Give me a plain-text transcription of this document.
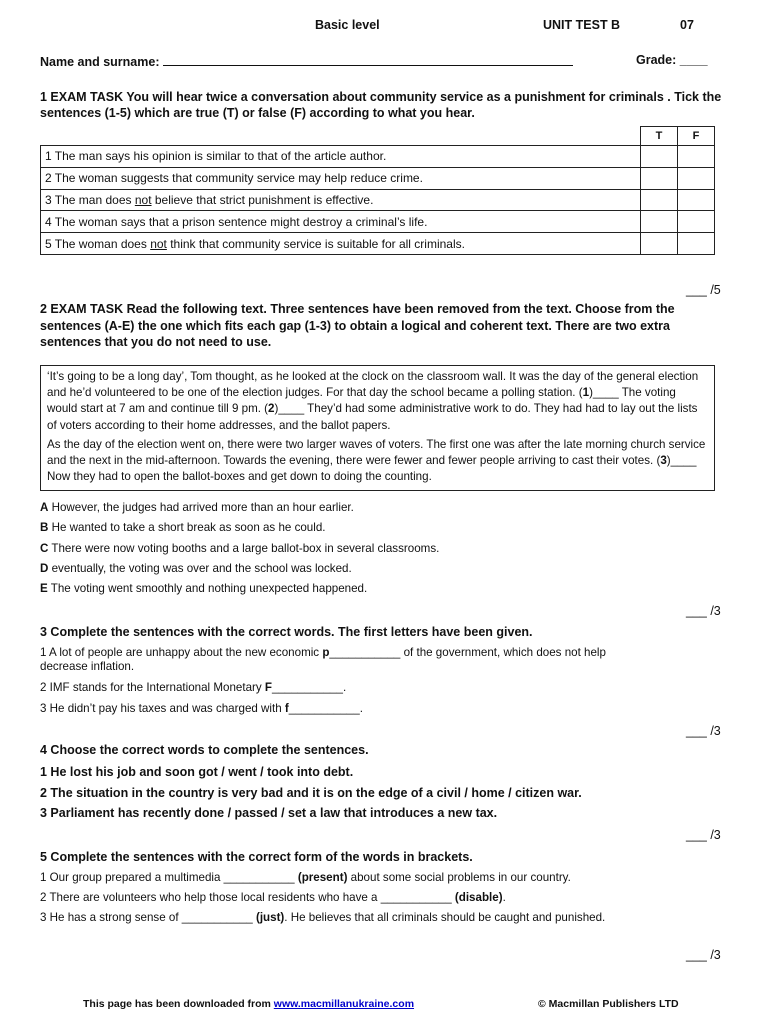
Basic level	UNIT TEST B	07
Name and surname:	Grade: ____
1 EXAM TASK You will hear twice a conversation about community service as a punishment for criminals . Tick the
sentences (1-5) which are true (T) or false (F) according to what you hear.
	T	F
1 The man says his opinion is similar to that of the article author.		
2 The woman suggests that community service may help reduce crime.		
3 The man does not believe that strict punishment is effective.		
4 The woman says that a prison sentence might destroy a criminal’s life.		
5 The woman does not think that community service is suitable for all criminals.		
___ /5
2 EXAM TASK Read the following text. Three sentences have been removed from the text. Choose from the
sentences (A-E) the one which fits each gap (1-3) to obtain a logical and coherent text. There are two extra
sentences that you do not need to use.

‘It’s going to be a long day’, Tom thought, as he looked at the clock on the classroom wall. It was the day of the general election and he’d volunteered to be one of the election judges. For that day the school became a polling station. (1)____ The voting would start at 7 am and continue till 9 pm. (2)____ They’d had some administrative work to do. They had had to lay out the lists of voters according to their home addresses, and the ballot papers.

As the day of the election went on, there were two larger waves of voters. The first one was after the late morning church service and the next in the mid-afternoon. Towards the evening, there were fewer and fewer people arriving to cast their votes. (3)____ Now they had to open the ballot-boxes and get down to doing the counting.

A However, the judges had arrived more than an hour earlier.
B He wanted to take a short break as soon as he could.
C There were now voting booths and a large ballot-box in several classrooms.
D eventually, the voting was over and the school was locked.
E The voting went smoothly and nothing unexpected happened.
___ /3
3 Complete the sentences with the correct words. The first letters have been given.
1 A lot of people are unhappy about the new economic p___________ of the government, which does not help
decrease inflation.
2 IMF stands for the International Monetary F___________.
3 He didn’t pay his taxes and was charged with f___________.
___ /3
4 Choose the correct words to complete the sentences.
1 He lost his job and soon got / went / took into debt.
2 The situation in the country is very bad and it is on the edge of a civil / home / citizen war.
3 Parliament has recently done / passed / set a law that introduces a new tax.
___ /3
5 Complete the sentences with the correct form of the words in brackets.
1 Our group prepared a multimedia ___________ (present) about some social problems in our country.
2 There are volunteers who help those local residents who have a ___________ (disable).
3 He has a strong sense of ___________ (just). He believes that all criminals should be caught and punished.
___ /3
This page has been downloaded from www.macmillanukraine.com	© Macmillan Publishers LTD
